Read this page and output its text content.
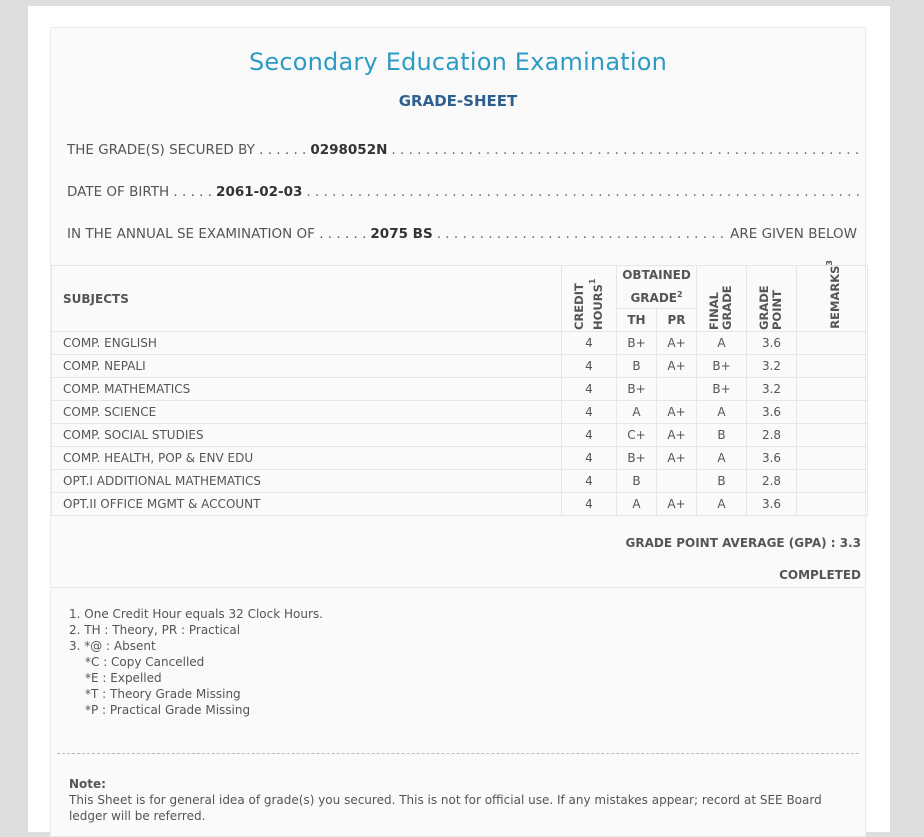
Secondary Education Examination
GRADE-SHEET
THE GRADE(S) SECURED BY . . . . . . 0298052N
. . .
DATE OF BIRTH . . . . . 2061-02-03
. . .
IN THE ANNUAL SE EXAMINATION OF . . . . . . 2075 BS . . .	ARE GIVEN BELOW
SUBJECTS	CREDIT HOURS$^1$	OBTAINED GRADE$^2$		FINAL GRADE	GRADE POINT	REMARKS$^3$

		TH	PR			
COMP. ENGLISH	4	B+	A+	A	3.6	
COMP. NEPALI	4	B	A+	B+	3.2	
COMP. MATHEMATICS	4	B+		B+	3.2	
COMP. SCIENCE	4	A	A+	A	3.6	
COMP. SOCIAL STUDIES	4	C+	A+	B	2.8	
COMP. HEALTH, POP & ENV EDU	4	B+	A+	A	3.6	
OPT.I ADDITIONAL MATHEMATICS	4	B		B	2.8	
OPT.II OFFICE MGMT & ACCOUNT	4	A	A+	A	3.6	
GRADE POINT AVERAGE (GPA) : 3.3
COMPLETED
1. One Credit Hour equals 32 Clock Hours.
2. TH : Theory, PR : Practical
3. *@ : Absent
*C : Copy Cancelled
*E : Expelled
*T : Theory Grade Missing
*P : Practical Grade Missing
Note:
This Sheet is for general idea of grade(s) you secured. This is not for official use. If any mistakes appear; record at SEE Board ledger will be referred.
